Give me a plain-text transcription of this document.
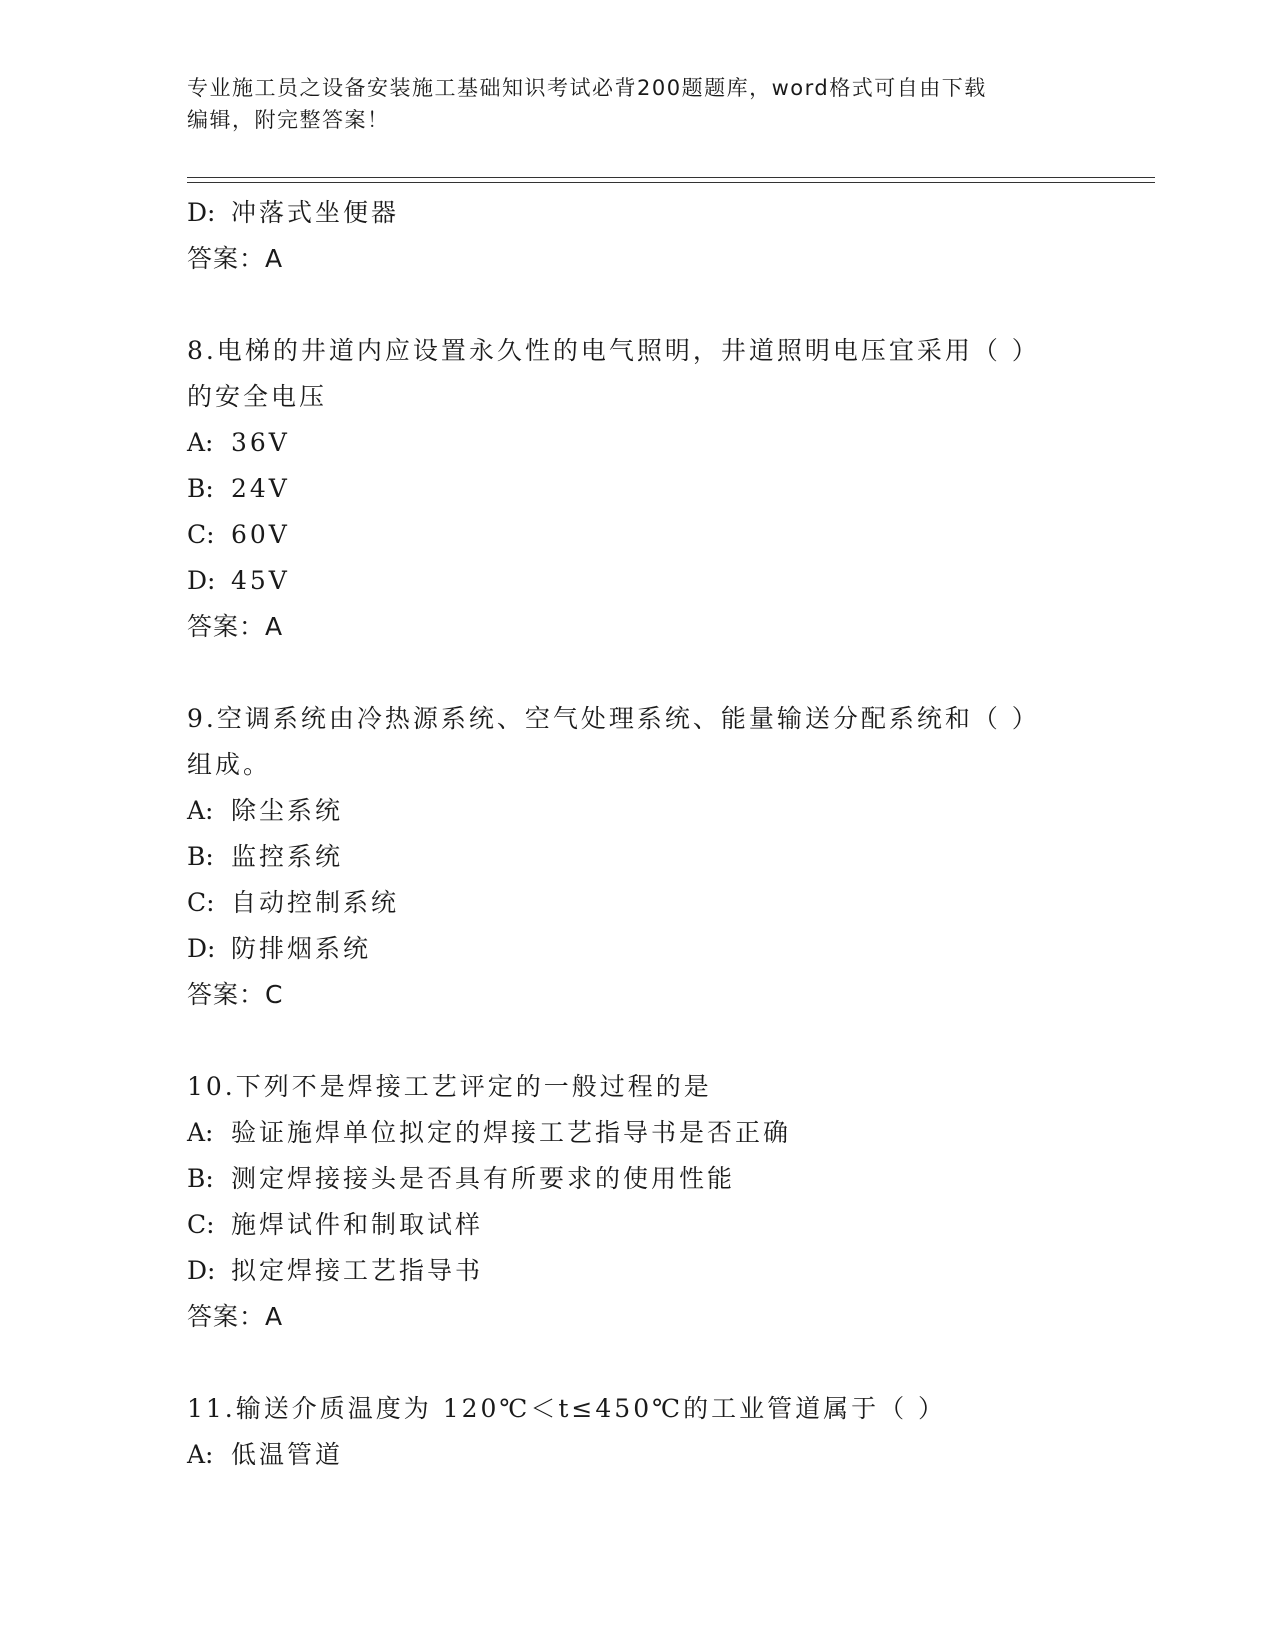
专业施工员之设备安装施工基础知识考试必背200题题库，word格式可自由下载
编辑，附完整答案！
D: 冲落式坐便器
答案：A
8.电梯的井道内应设置永久性的电气照明，井道照明电压宜采用（ ）
的安全电压
A: 36V
B: 24V
C: 60V
D: 45V
答案：A
9.空调系统由冷热源系统、空气处理系统、能量输送分配系统和（ ）
组成。
A: 除尘系统
B: 监控系统
C: 自动控制系统
D: 防排烟系统
答案：C
10.下列不是焊接工艺评定的一般过程的是
A: 验证施焊单位拟定的焊接工艺指导书是否正确
B: 测定焊接接头是否具有所要求的使用性能
C: 施焊试件和制取试样
D: 拟定焊接工艺指导书
答案：A
11.输送介质温度为 120℃＜t≤450℃的工业管道属于（ ）
A: 低温管道
